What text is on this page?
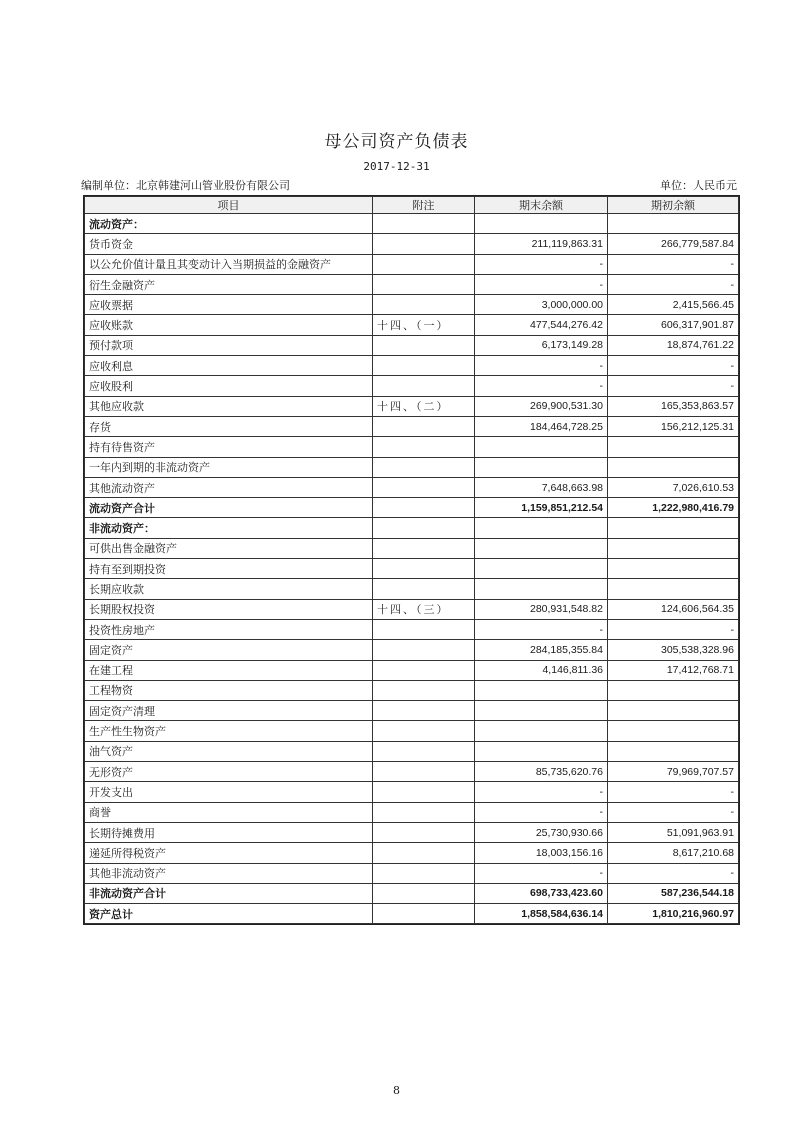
母公司资产负债表
2017-12-31
编制单位：北京韩建河山管业股份有限公司	单位：人民币元
项目	附注	期末余额	期初余额
流动资产：			
货币资金		211,119,863.31	266,779,587.84
以公允价值计量且其变动计入当期损益的金融资产		-	-
衍生金融资产		-	-
应收票据		3,000,000.00	2,415,566.45
应收账款	十四、（一）	477,544,276.42	606,317,901.87
预付款项		6,173,149.28	18,874,761.22
应收利息		-	-
应收股利		-	-
其他应收款	十四、（二）	269,900,531.30	165,353,863.57
存货		184,464,728.25	156,212,125.31
持有待售资产			
一年内到期的非流动资产			
其他流动资产		7,648,663.98	7,026,610.53
流动资产合计		1,159,851,212.54	1,222,980,416.79
非流动资产：			
可供出售金融资产			
持有至到期投资			
长期应收款			
长期股权投资	十四、（三）	280,931,548.82	124,606,564.35
投资性房地产		-	-
固定资产		284,185,355.84	305,538,328.96
在建工程		4,146,811.36	17,412,768.71
工程物资			
固定资产清理			
生产性生物资产			
油气资产			
无形资产		85,735,620.76	79,969,707.57
开发支出		-	-
商誉		-	-
长期待摊费用		25,730,930.66	51,091,963.91
递延所得税资产		18,003,156.16	8,617,210.68
其他非流动资产		-	-
非流动资产合计		698,733,423.60	587,236,544.18
资产总计		1,858,584,636.14	1,810,216,960.97
8
